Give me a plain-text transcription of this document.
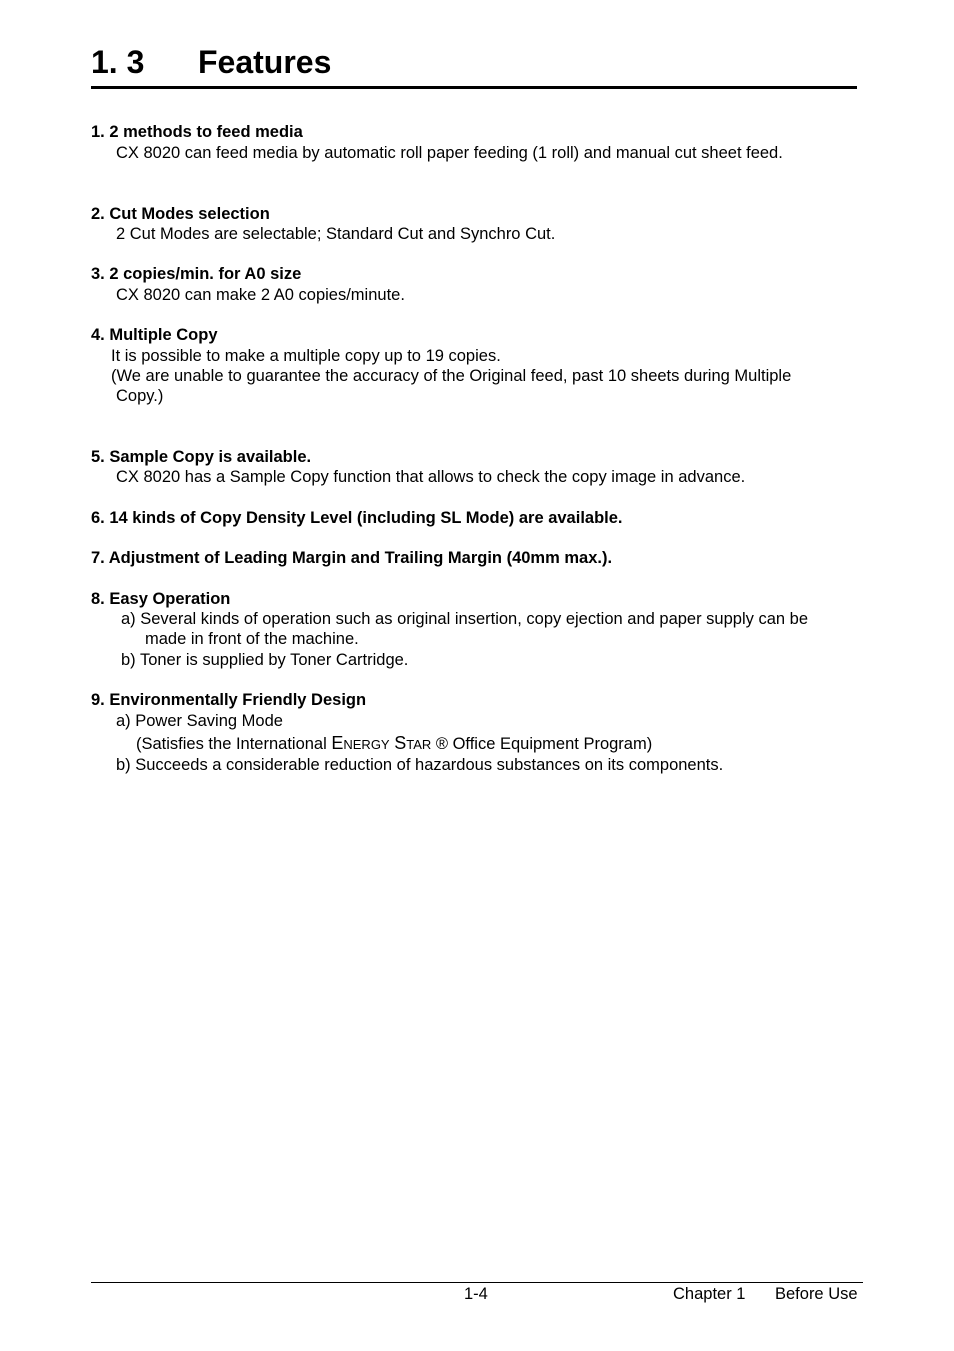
1. 3 Features
1. 2 methods to feed media
CX 8020 can feed media by automatic roll paper feeding (1 roll) and manual cut sheet feed.
2. Cut Modes selection
2 Cut Modes are selectable; Standard Cut and Synchro Cut.
3. 2 copies/min. for A0 size
CX 8020 can make 2 A0 copies/minute.
4. Multiple Copy
It is possible to make a multiple copy up to 19 copies.
(We are unable to guarantee the accuracy of the Original feed, past 10 sheets during Multiple
Copy.)
5. Sample Copy is available.
CX 8020 has a Sample Copy function that allows to check the copy image in advance.
6. 14 kinds of Copy Density Level (including SL Mode) are available.
7. Adjustment of Leading Margin and Trailing Margin (40mm max.).
8. Easy Operation
a) Several kinds of operation such as original insertion, copy ejection and paper supply can be
made in front of the machine.
b) Toner is supplied by Toner Cartridge.
9. Environmentally Friendly Design
a) Power Saving Mode
(Satisfies the International ENERGY STAR ® Office Equipment Program)
b) Succeeds a considerable reduction of hazardous substances on its components.
1-4	Chapter 1 Before Use
